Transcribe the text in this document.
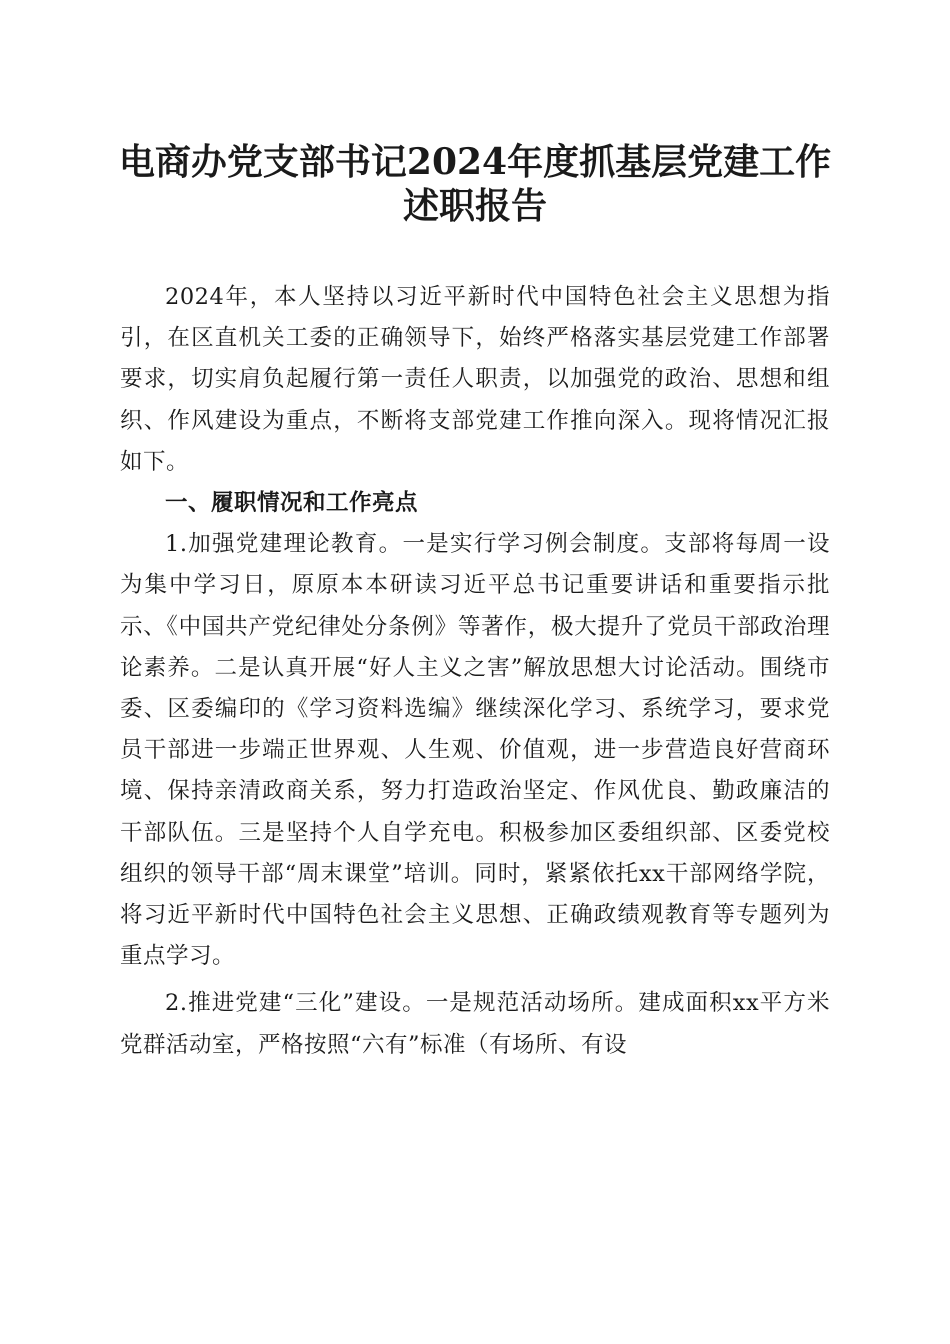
电商办党支部书记2024年度抓基层党建工作
述职报告

2024年，本人坚持以习近平新时代中国特色社会主义思想为指引，在区直机关工委的正确领导下，始终严格落实基层党建工作部署要求，切实肩负起履行第一责任人职责，以加强党的政治、思想和组织、作风建设为重点，不断将支部党建工作推向深入。现将情况汇报如下。

一、履职情况和工作亮点

1.加强党建理论教育。一是实行学习例会制度。支部将每周一设为集中学习日，原原本本研读习近平总书记重要讲话和重要指示批示、《中国共产党纪律处分条例》等著作，极大提升了党员干部政治理论素养。二是认真开展“好人主义之害”解放思想大讨论活动。围绕市委、区委编印的《学习资料选编》继续深化学习、系统学习，要求党员干部进一步端正世界观、人生观、价值观，进一步营造良好营商环境、保持亲清政商关系，努力打造政治坚定、作风优良、勤政廉洁的干部队伍。三是坚持个人自学充电。积极参加区委组织部、区委党校组织的领导干部“周末课堂”培训。同时，紧紧依托xx干部网络学院，将习近平新时代中国特色社会主义思想、正确政绩观教育等专题列为重点学习。

2.推进党建“三化”建设。一是规范活动场所。建成面积xx平方米党群活动室，严格按照“六有”标准（有场所、有设
